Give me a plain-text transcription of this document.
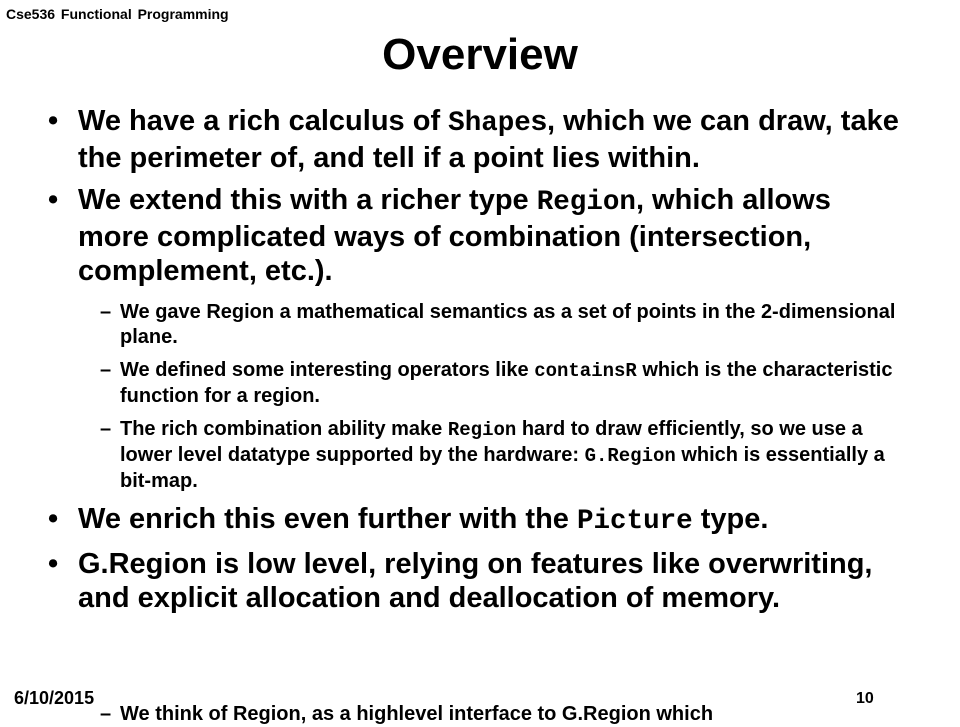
Cse536 Functional Programming
Overview
• We have a rich calculus of Shapes, which we can draw, take the perimeter of, and tell if a point lies within.
• We extend this with a richer type Region, which allows more complicated ways of combination (intersection, complement, etc.).
– We gave Region a mathematical semantics as a set of points in the 2-dimensional plane.
– We defined some interesting operators like containsR which is the characteristic function for a region.
– The rich combination ability make Region hard to draw efficiently, so we use a lower level datatype supported by the hardware: G.Region which is essentially a bit-map.
• We enrich this even further with the Picture type.
• G.Region is low level, relying on features like overwriting, and explicit allocation and deallocation of memory.
– We think of Region, as a highlevel interface to G.Region which
6/10/2015	10
